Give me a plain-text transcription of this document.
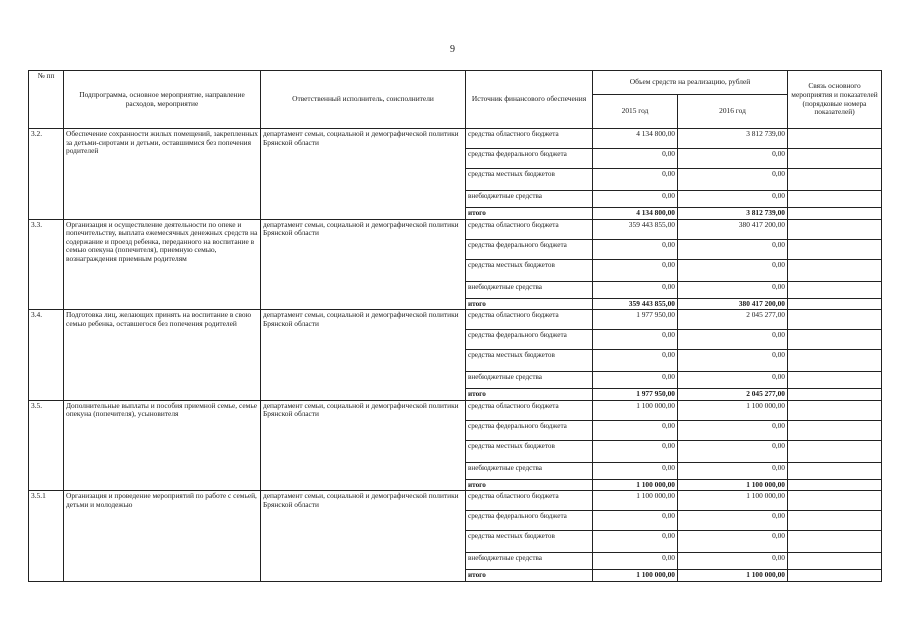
9
№ пп	Подпрограмма, основное мероприятие, направление расходов, мероприятие	Ответственный исполнитель, соисполнители	Источник финансового обеспечения	Объем средств на реализацию, рублей		Связь основного мероприятия и показателей (порядковые номера показателей)
				2015 год	2016 год	
3.2.	Обеспечение сохранности жилых помещений, закрепленных за детьми-сиротами и детьми, оставшимися без попечения родителей	департамент семьи, социальной и демографической политики Брянской области	средства областного бюджета	4 134 800,00	3 812 739,00	
			средства федерального бюджета	0,00	0,00	
			средства местных бюджетов	0,00	0,00	
			внебюджетные средства	0,00	0,00	
			итого	4 134 800,00	3 812 739,00	
3.3.	Организация и осуществление деятельности по опеке и попечительству, выплата ежемесячных денежных средств на содержание и проезд ребенка, переданного на воспитание в семью опекуна (попечителя), приемную семью, вознаграждения приемным родителям	департамент семьи, социальной и демографической политики Брянской области	средства областного бюджета	359 443 855,00	380 417 200,00	
			средства федерального бюджета	0,00	0,00	
			средства местных бюджетов	0,00	0,00	
			внебюджетные средства	0,00	0,00	
			итого	359 443 855,00	380 417 200,00	
3.4.	Подготовка лиц, желающих принять на воспитание в свою семью ребенка, оставшегося без попечения родителей	департамент семьи, социальной и демографической политики Брянской области	средства областного бюджета	1 977 950,00	2 045 277,00	
			средства федерального бюджета	0,00	0,00	
			средства местных бюджетов	0,00	0,00	
			внебюджетные средства	0,00	0,00	
			итого	1 977 950,00	2 045 277,00	
3.5.	Дополнительные выплаты и пособия приемной семье, семье опекуна (попечителя), усыновителя	департамент семьи, социальной и демографической политики Брянской области	средства областного бюджета	1 100 000,00	1 100 000,00	
			средства федерального бюджета	0,00	0,00	
			средства местных бюджетов	0,00	0,00	
			внебюджетные средства	0,00	0,00	
			итого	1 100 000,00	1 100 000,00	
3.5.1	Организация и проведение мероприятий по работе с семьей, детьми и молодежью	департамент семьи, социальной и демографической политики Брянской области	средства областного бюджета	1 100 000,00	1 100 000,00	
			средства федерального бюджета	0,00	0,00	
			средства местных бюджетов	0,00	0,00	
			внебюджетные средства	0,00	0,00	
			итого	1 100 000,00	1 100 000,00	
